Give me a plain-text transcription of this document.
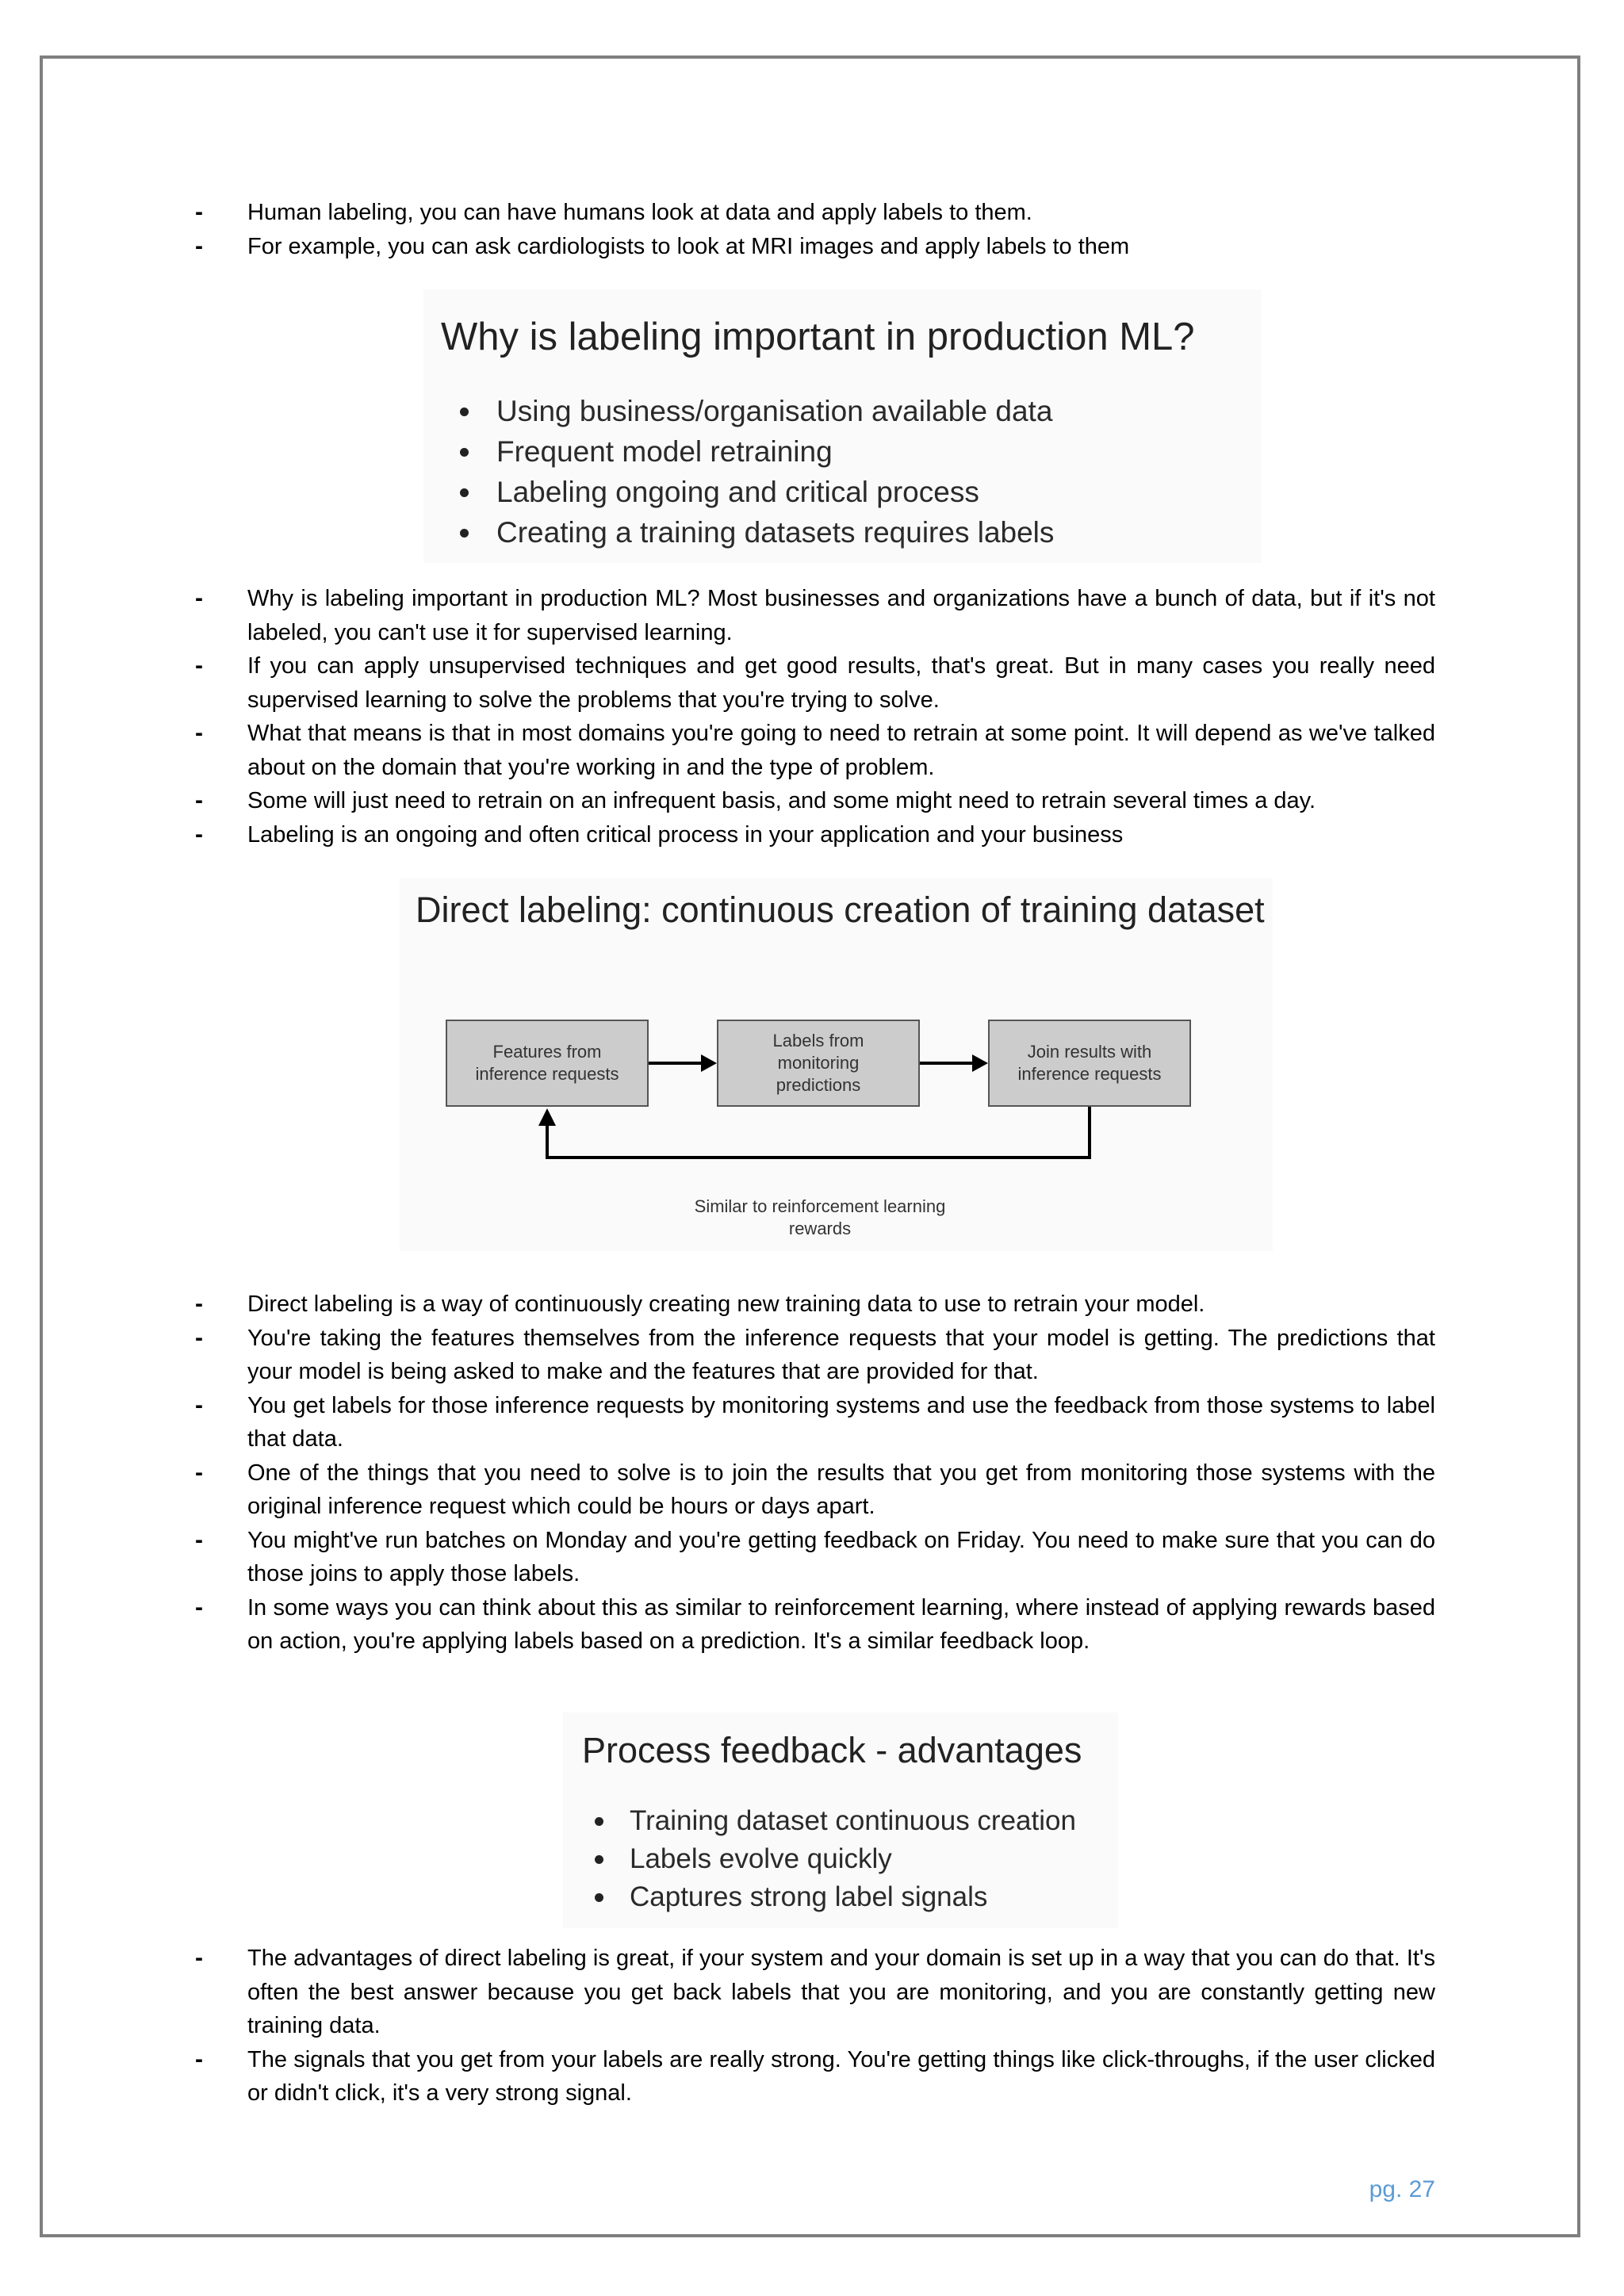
- Human labeling, you can have humans look at data and apply labels to them.
- For example, you can ask cardiologists to look at MRI images and apply labels to them
Why is labeling important in production ML?
Using business/organisation available data
Frequent model retraining
Labeling ongoing and critical process
Creating a training datasets requires labels
- Why is labeling important in production ML? Most businesses and organizations have a bunch of data, but if it's not labeled, you can't use it for supervised learning.
- If you can apply unsupervised techniques and get good results, that's great. But in many cases you really need supervised learning to solve the problems that you're trying to solve.
- What that means is that in most domains you're going to need to retrain at some point. It will depend as we've talked about on the domain that you're working in and the type of problem.
- Some will just need to retrain on an infrequent basis, and some might need to retrain several times a day.
- Labeling is an ongoing and often critical process in your application and your business
Direct labeling: continuous creation of training dataset
Features from
inference requests
Labels from
monitoring
predictions
Join results with
inference requests
Similar to reinforcement learning
rewards
- Direct labeling is a way of continuously creating new training data to use to retrain your model.
- You're taking the features themselves from the inference requests that your model is getting. The predictions that your model is being asked to make and the features that are provided for that.
- You get labels for those inference requests by monitoring systems and use the feedback from those systems to label that data.
- One of the things that you need to solve is to join the results that you get from monitoring those systems with the original inference request which could be hours or days apart.
- You might've run batches on Monday and you're getting feedback on Friday. You need to make sure that you can do those joins to apply those labels.
- In some ways you can think about this as similar to reinforcement learning, where instead of applying rewards based on action, you're applying labels based on a prediction. It's a similar feedback loop.
Process feedback - advantages
Training dataset continuous creation
Labels evolve quickly
Captures strong label signals
- The advantages of direct labeling is great, if your system and your domain is set up in a way that you can do that. It's often the best answer because you get back labels that you are monitoring, and you are constantly getting new training data.
- The signals that you get from your labels are really strong. You're getting things like click-throughs, if the user clicked or didn't click, it's a very strong signal.
pg. 27
